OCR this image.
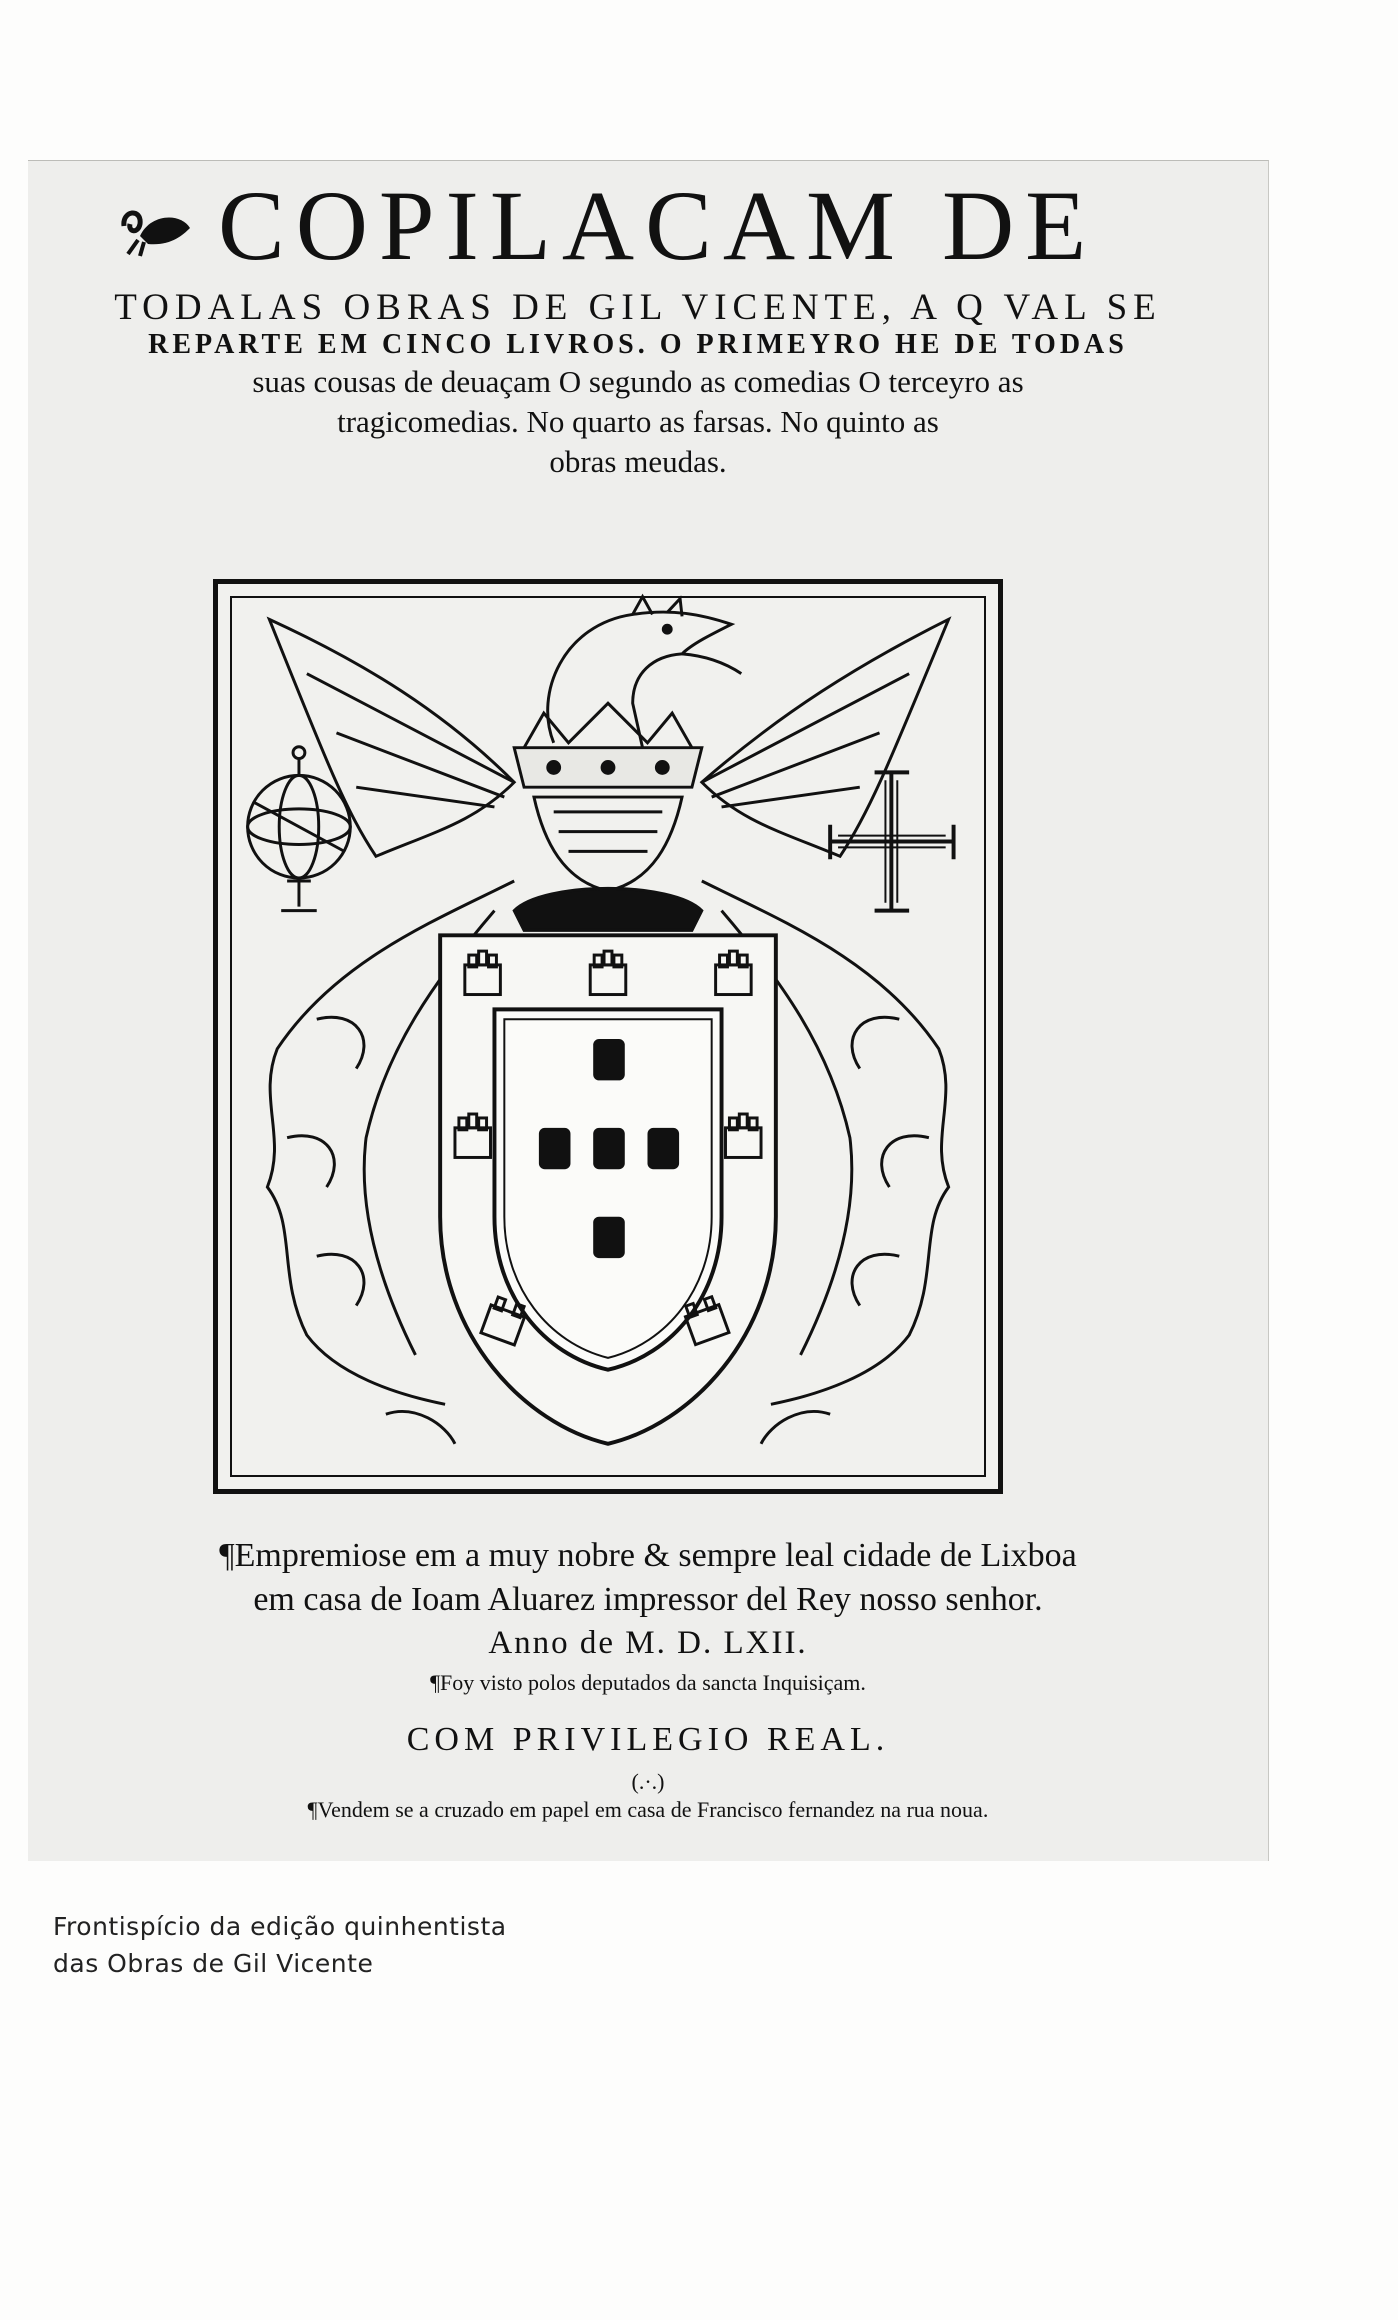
COPILACAM DE
TODALAS OBRAS DE GIL VICENTE, A Q VAL SE
REPARTE EM CINCO LIVROS. O PRIMEYRO HE DE TODAS
suas cousas de deuaçam O segundo as comedias O terceyro as
tragicomedias. No quarto as farsas. No quinto as
obras meudas.
¶Empremiose em a muy nobre & sempre leal cidade de Lixboa
em casa de Ioam Aluarez impressor del Rey nosso senhor.
Anno de M. D. LXII.
¶Foy visto polos deputados da sancta Inquisiçam.
COM PRIVILEGIO REAL.
(.·.)
¶Vendem se a cruzado em papel em casa de Francisco fernandez na rua noua.
Frontispício da edição quinhentista
das Obras de Gil Vicente
